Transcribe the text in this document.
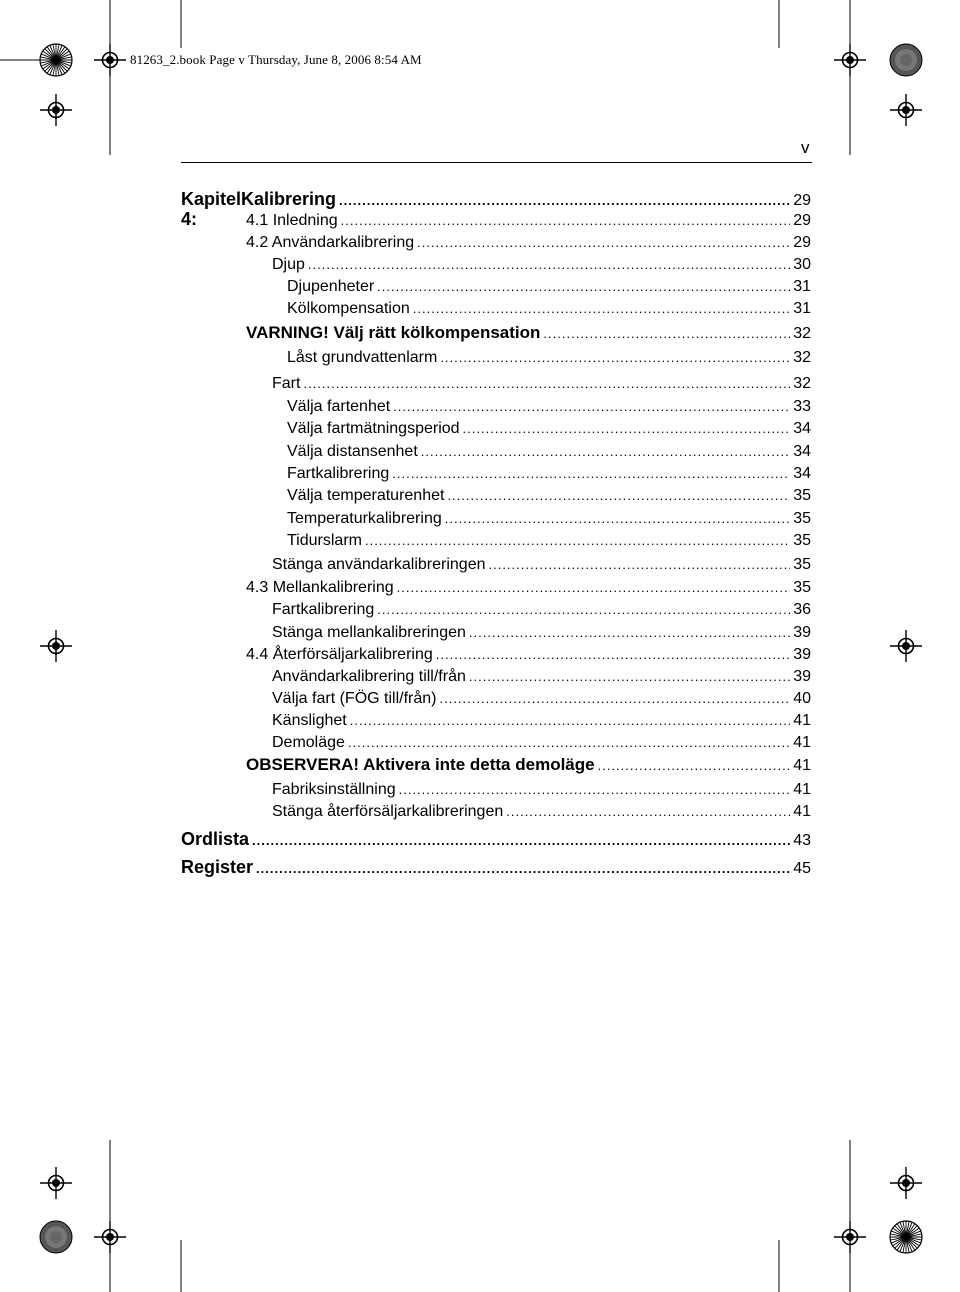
81263_2.book Page v Thursday, June 8, 2006 8:54 AM
v
Kapitel 4:
Kalibrering .....	29
4.1 Inledning .....	29
4.2 Användarkalibrering .....	29
Djup .....	30
Djupenheter .....	31
Kölkompensation .....	31
VARNING! Välj rätt kölkompensation .....	32
Låst grundvattenlarm .....	32
Fart .....	32
Välja fartenhet .....	33
Välja fartmätningsperiod .....	34
Välja distansenhet .....	34
Fartkalibrering .....	34
Välja temperaturenhet .....	35
Temperaturkalibrering .....	35
Tidurslarm .....	35
Stänga användarkalibreringen .....	35
4.3 Mellankalibrering .....	35
Fartkalibrering .....	36
Stänga mellankalibreringen .....	39
4.4 Återförsäljarkalibrering .....	39
Användarkalibrering till/från .....	39
Välja fart (FÖG till/från) .....	40
Känslighet .....	41
Demoläge .....	41
OBSERVERA! Aktivera inte detta demoläge .....	41
Fabriksinställning .....	41
Stänga återförsäljarkalibreringen .....	41
Ordlista .....	43
Register .....	45
